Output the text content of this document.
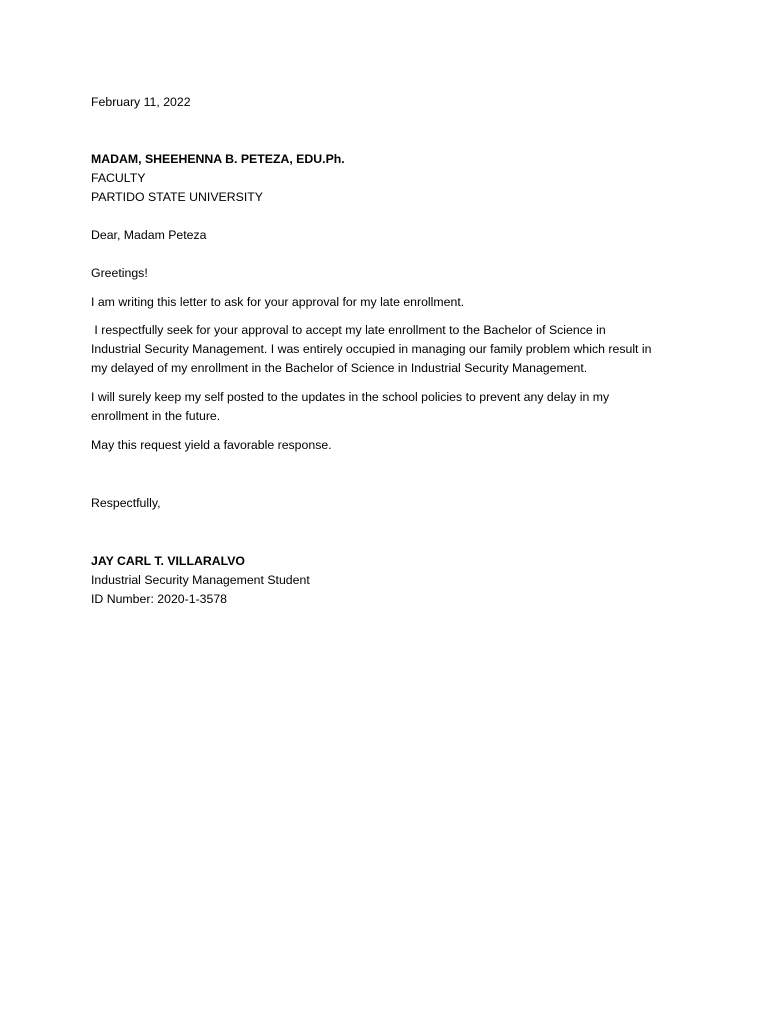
February 11, 2022
MADAM, SHEEHENNA B. PETEZA, EDU.Ph.
FACULTY
PARTIDO STATE UNIVERSITY
Dear, Madam Peteza
Greetings!
I am writing this letter to ask for your approval for my late enrollment.
I respectfully seek for your approval to accept my late enrollment to the Bachelor of Science in
Industrial Security Management. I was entirely occupied in managing our family problem which result in
my delayed of my enrollment in the Bachelor of Science in Industrial Security Management.
I will surely keep my self posted to the updates in the school policies to prevent any delay in my
enrollment in the future.
May this request yield a favorable response.
Respectfully,
JAY CARL T. VILLARALVO
Industrial Security Management Student
ID Number: 2020-1-3578
